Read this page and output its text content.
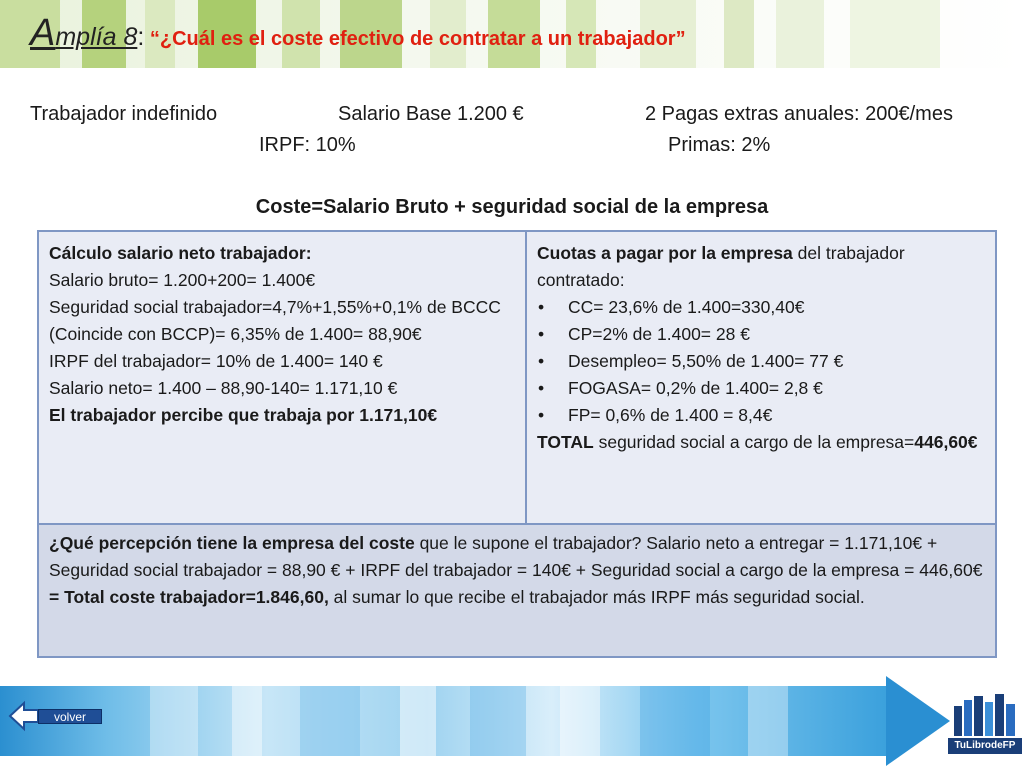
Amplía 8: “¿Cuál es el coste efectivo de contratar a un trabajador”
Trabajador indefinido	Salario Base 1.200 €	2 Pagas extras anuales: 200€/mes
IRPF: 10%	Primas: 2%
Coste=Salario Bruto + seguridad social de la empresa
Cálculo salario neto trabajador:
Salario bruto= 1.200+200= 1.400€
Seguridad social trabajador=4,7%+1,55%+0,1% de BCCC (Coincide con BCCP)= 6,35% de 1.400= 88,90€
IRPF del trabajador= 10% de 1.400= 140 €
Salario neto= 1.400 – 88,90-140= 1.171,10 €
El trabajador percibe que trabaja por 1.171,10€
Cuotas a pagar por la empresa del trabajador contratado:
• CC= 23,6% de 1.400=330,40€
• CP=2% de 1.400= 28 €
• Desempleo= 5,50% de 1.400= 77 €
• FOGASA= 0,2% de 1.400= 2,8 €
• FP= 0,6% de 1.400 = 8,4€
TOTAL seguridad social a cargo de la empresa=446,60€
¿Qué percepción tiene la empresa del coste que le supone el trabajador? Salario neto a entregar = 1.171,10€ + Seguridad social trabajador = 88,90 € + IRPF del trabajador = 140€ + Seguridad social a cargo de la empresa = 446,60€ = Total coste trabajador=1.846,60, al sumar lo que recibe el trabajador más IRPF más seguridad social.
volver
TuLibrodeFP
